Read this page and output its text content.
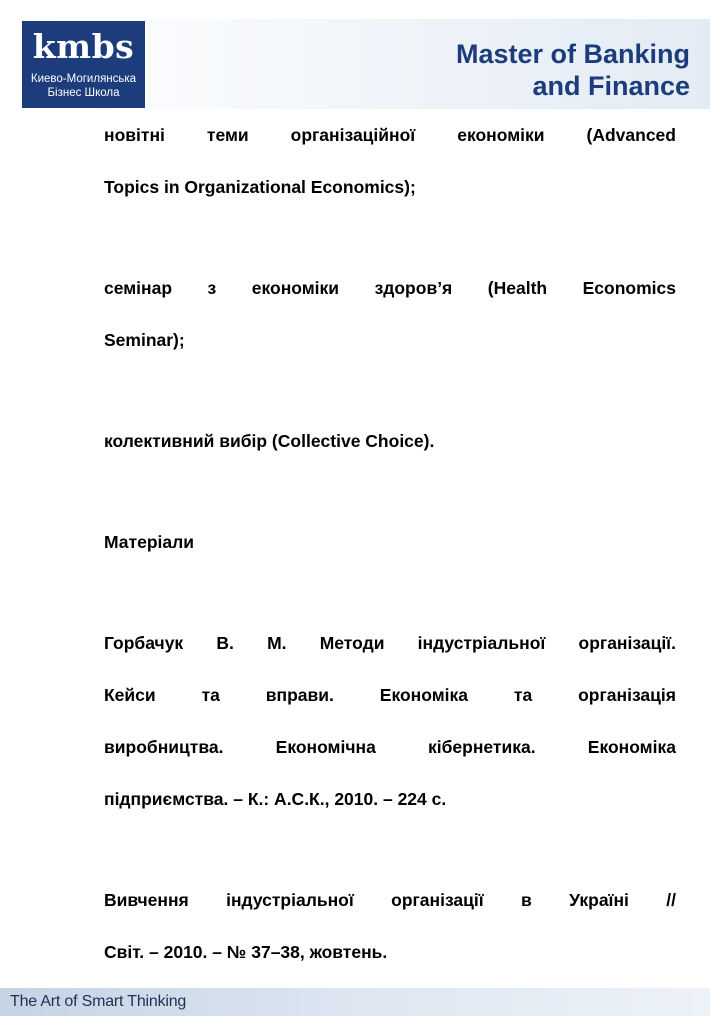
kmbs
Киево-Могилянська
Бізнес Школа
Master of Banking
and Finance
новітні теми організаційної економіки (Advanced
Topics in Organizational Economics);
семінар з економіки здоров’я (Health Economics
Seminar);
колективний вибір (Collective Choice).
Матеріали
Горбачук В. М. Методи індустріальної організації.
Кейси	та	вправи.	Економіка	та	організація
виробництва.	Економічна	кібернетика.	Економіка
підприємства. – К.: А.С.К., 2010. – 224 с.
Вивчення індустріальної організації в Україні //
Світ. – 2010. – № 37–38, жовтень.
The Art of Smart Thinking
